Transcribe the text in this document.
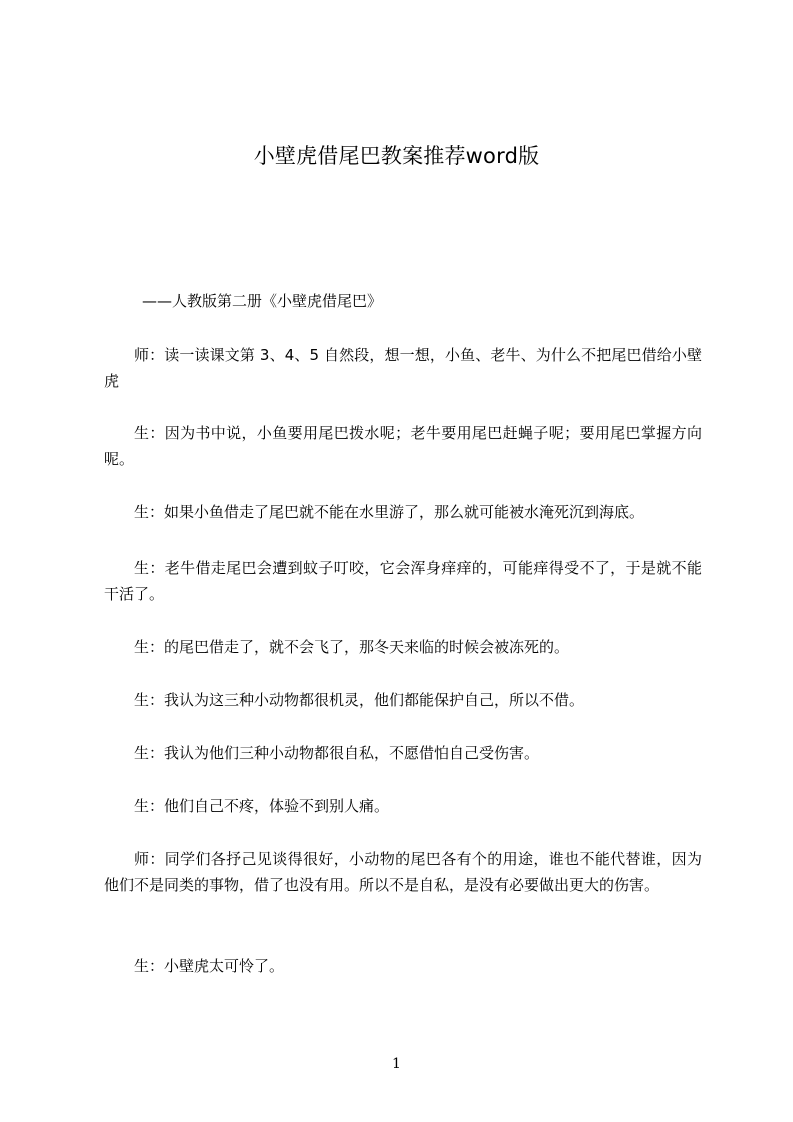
小壁虎借尾巴教案推荐word版

——人教版第二册《小壁虎借尾巴》

师：读一读课文第 3、4、5 自然段，想一想，小鱼、老牛、为什么不把尾巴借给小壁虎

生：因为书中说，小鱼要用尾巴拨水呢；老牛要用尾巴赶蝇子呢；要用尾巴掌握方向呢。

生：如果小鱼借走了尾巴就不能在水里游了，那么就可能被水淹死沉到海底。

生：老牛借走尾巴会遭到蚊子叮咬，它会浑身痒痒的，可能痒得受不了，于是就不能干活了。

生：的尾巴借走了，就不会飞了，那冬天来临的时候会被冻死的。

生：我认为这三种小动物都很机灵，他们都能保护自己，所以不借。

生：我认为他们三种小动物都很自私，不愿借怕自己受伤害。

生：他们自己不疼，体验不到别人痛。

师：同学们各抒己见谈得很好，小动物的尾巴各有个的用途，谁也不能代替谁，因为他们不是同类的事物，借了也没有用。所以不是自私，是没有必要做出更大的伤害。

生：小壁虎太可怜了。

1
